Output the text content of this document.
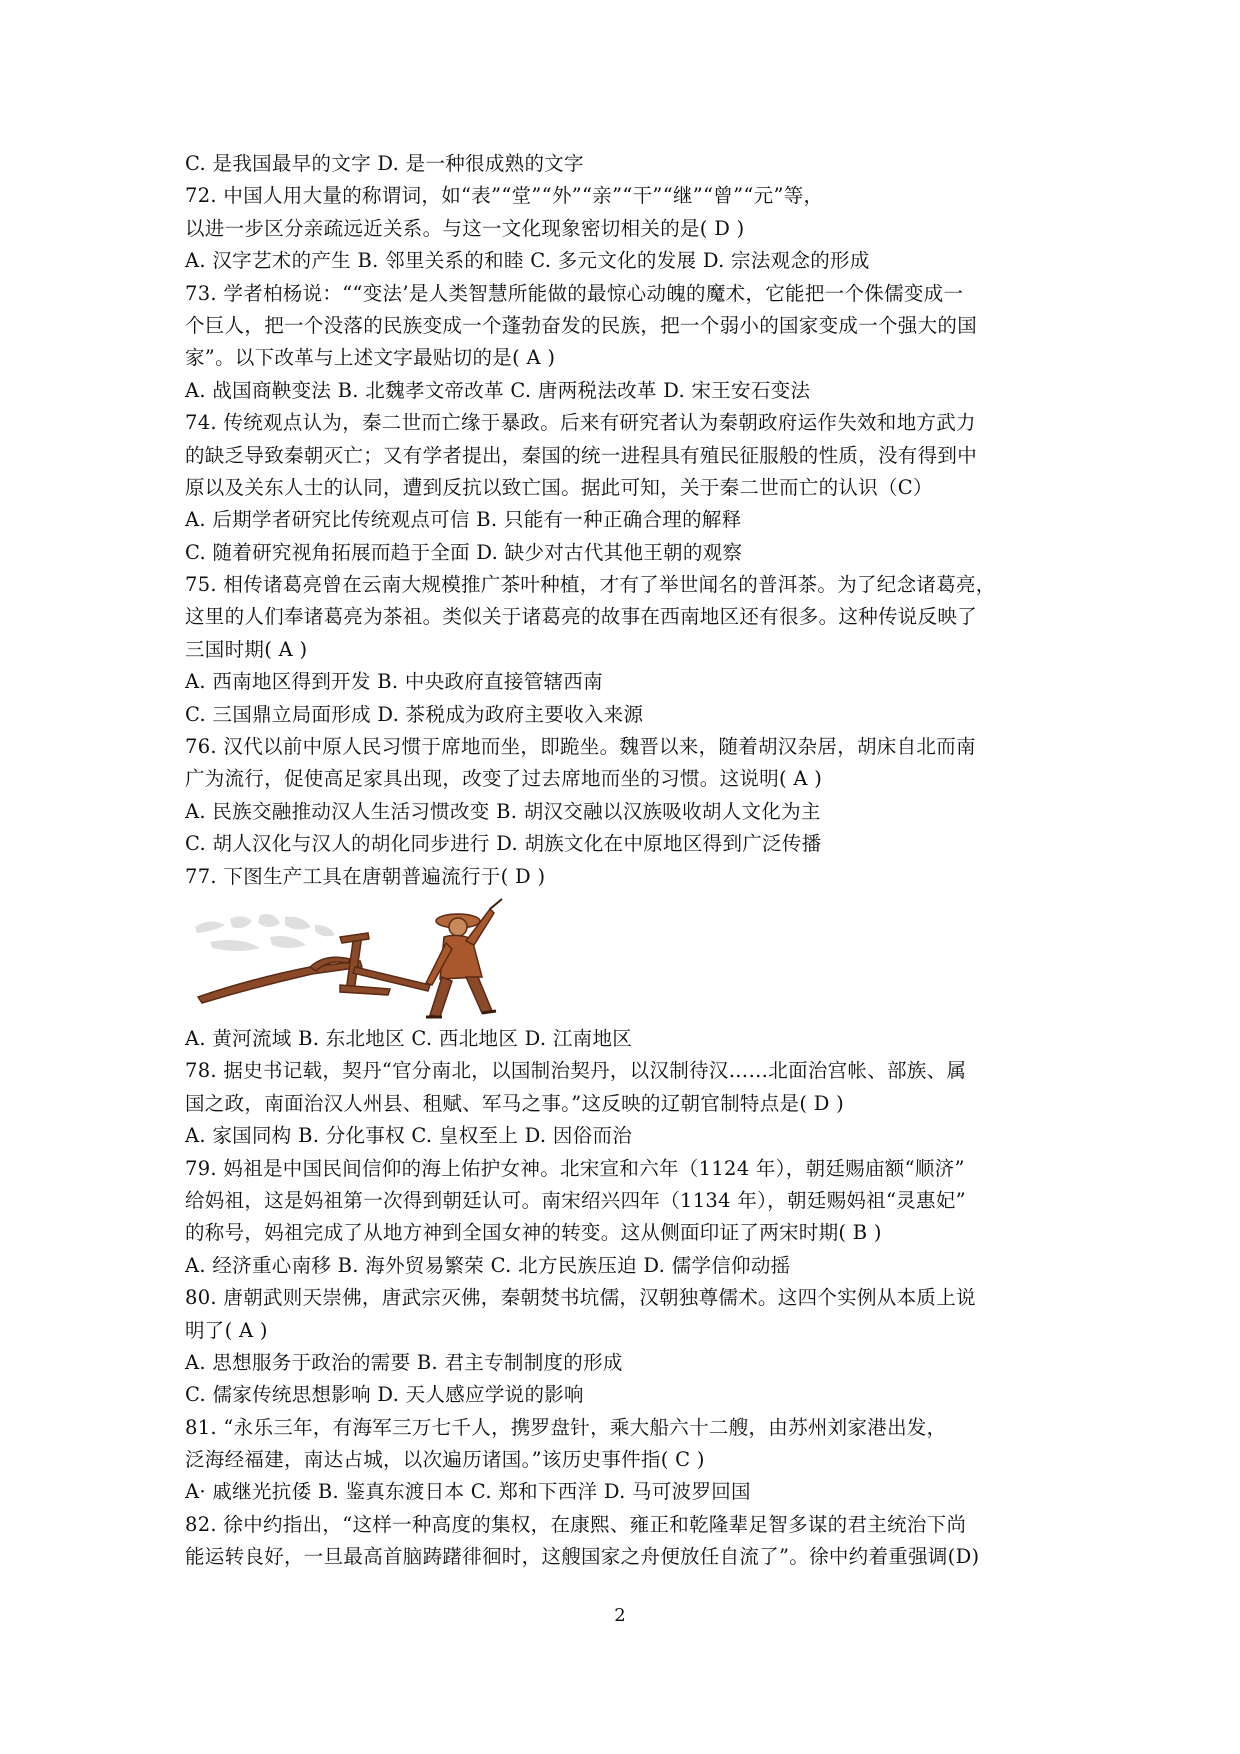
C. 是我国最早的文字 D. 是一种很成熟的文字
72. 中国人用大量的称谓词，如“表”“堂”“外”“亲”“干”“继”“曾”“元”等，
以进一步区分亲疏远近关系。与这一文化现象密切相关的是( D )
A. 汉字艺术的产生 B. 邻里关系的和睦 C. 多元文化的发展 D. 宗法观念的形成
73. 学者柏杨说：““变法’是人类智慧所能做的最惊心动魄的魔术，它能把一个侏儒变成一
个巨人，把一个没落的民族变成一个蓬勃奋发的民族，把一个弱小的国家变成一个强大的国
家”。以下改革与上述文字最贴切的是( A )
A. 战国商鞅变法 B. 北魏孝文帝改革 C. 唐两税法改革 D. 宋王安石变法
74. 传统观点认为，秦二世而亡缘于暴政。后来有研究者认为秦朝政府运作失效和地方武力
的缺乏导致秦朝灭亡；又有学者提出，秦国的统一进程具有殖民征服般的性质，没有得到中
原以及关东人士的认同，遭到反抗以致亡国。据此可知，关于秦二世而亡的认识（C）
A. 后期学者研究比传统观点可信 B. 只能有一种正确合理的解释
C. 随着研究视角拓展而趋于全面 D. 缺少对古代其他王朝的观察
75. 相传诸葛亮曾在云南大规模推广茶叶种植，才有了举世闻名的普洱茶。为了纪念诸葛亮，
这里的人们奉诸葛亮为茶祖。类似关于诸葛亮的故事在西南地区还有很多。这种传说反映了
三国时期( A )
A. 西南地区得到开发 B. 中央政府直接管辖西南
C. 三国鼎立局面形成 D. 茶税成为政府主要收入来源
76. 汉代以前中原人民习惯于席地而坐，即跪坐。魏晋以来，随着胡汉杂居，胡床自北而南
广为流行，促使高足家具出现，改变了过去席地而坐的习惯。这说明( A )
A. 民族交融推动汉人生活习惯改变 B. 胡汉交融以汉族吸收胡人文化为主
C. 胡人汉化与汉人的胡化同步进行 D. 胡族文化在中原地区得到广泛传播
77. 下图生产工具在唐朝普遍流行于( D )
A. 黄河流域 B. 东北地区 C. 西北地区 D. 江南地区
78. 据史书记载，契丹“官分南北，以国制治契丹，以汉制待汉……北面治宫帐、部族、属
国之政，南面治汉人州县、租赋、军马之事。”这反映的辽朝官制特点是( D )
A. 家国同构 B. 分化事权 C. 皇权至上 D. 因俗而治
79. 妈祖是中国民间信仰的海上佑护女神。北宋宣和六年（1124 年），朝廷赐庙额“顺济”
给妈祖，这是妈祖第一次得到朝廷认可。南宋绍兴四年（1134 年），朝廷赐妈祖“灵惠妃”
的称号，妈祖完成了从地方神到全国女神的转变。这从侧面印证了两宋时期( B )
A. 经济重心南移 B. 海外贸易繁荣 C. 北方民族压迫 D. 儒学信仰动摇
80. 唐朝武则天崇佛，唐武宗灭佛，秦朝焚书坑儒，汉朝独尊儒术。这四个实例从本质上说
明了( A )
A. 思想服务于政治的需要 B. 君主专制制度的形成
C. 儒家传统思想影响 D. 天人感应学说的影响
81. “永乐三年，有海军三万七千人，携罗盘针，乘大船六十二艘，由苏州刘家港出发，
泛海经福建，南达占城，以次遍历诸国。”该历史事件指( C )
A· 戚继光抗倭 B. 鉴真东渡日本 C. 郑和下西洋 D. 马可波罗回国
82. 徐中约指出，“这样一种高度的集权，在康熙、雍正和乾隆辈足智多谋的君主统治下尚
能运转良好，一旦最高首脑踌躇徘徊时，这艘国家之舟便放任自流了”。徐中约着重强调(D)
2
